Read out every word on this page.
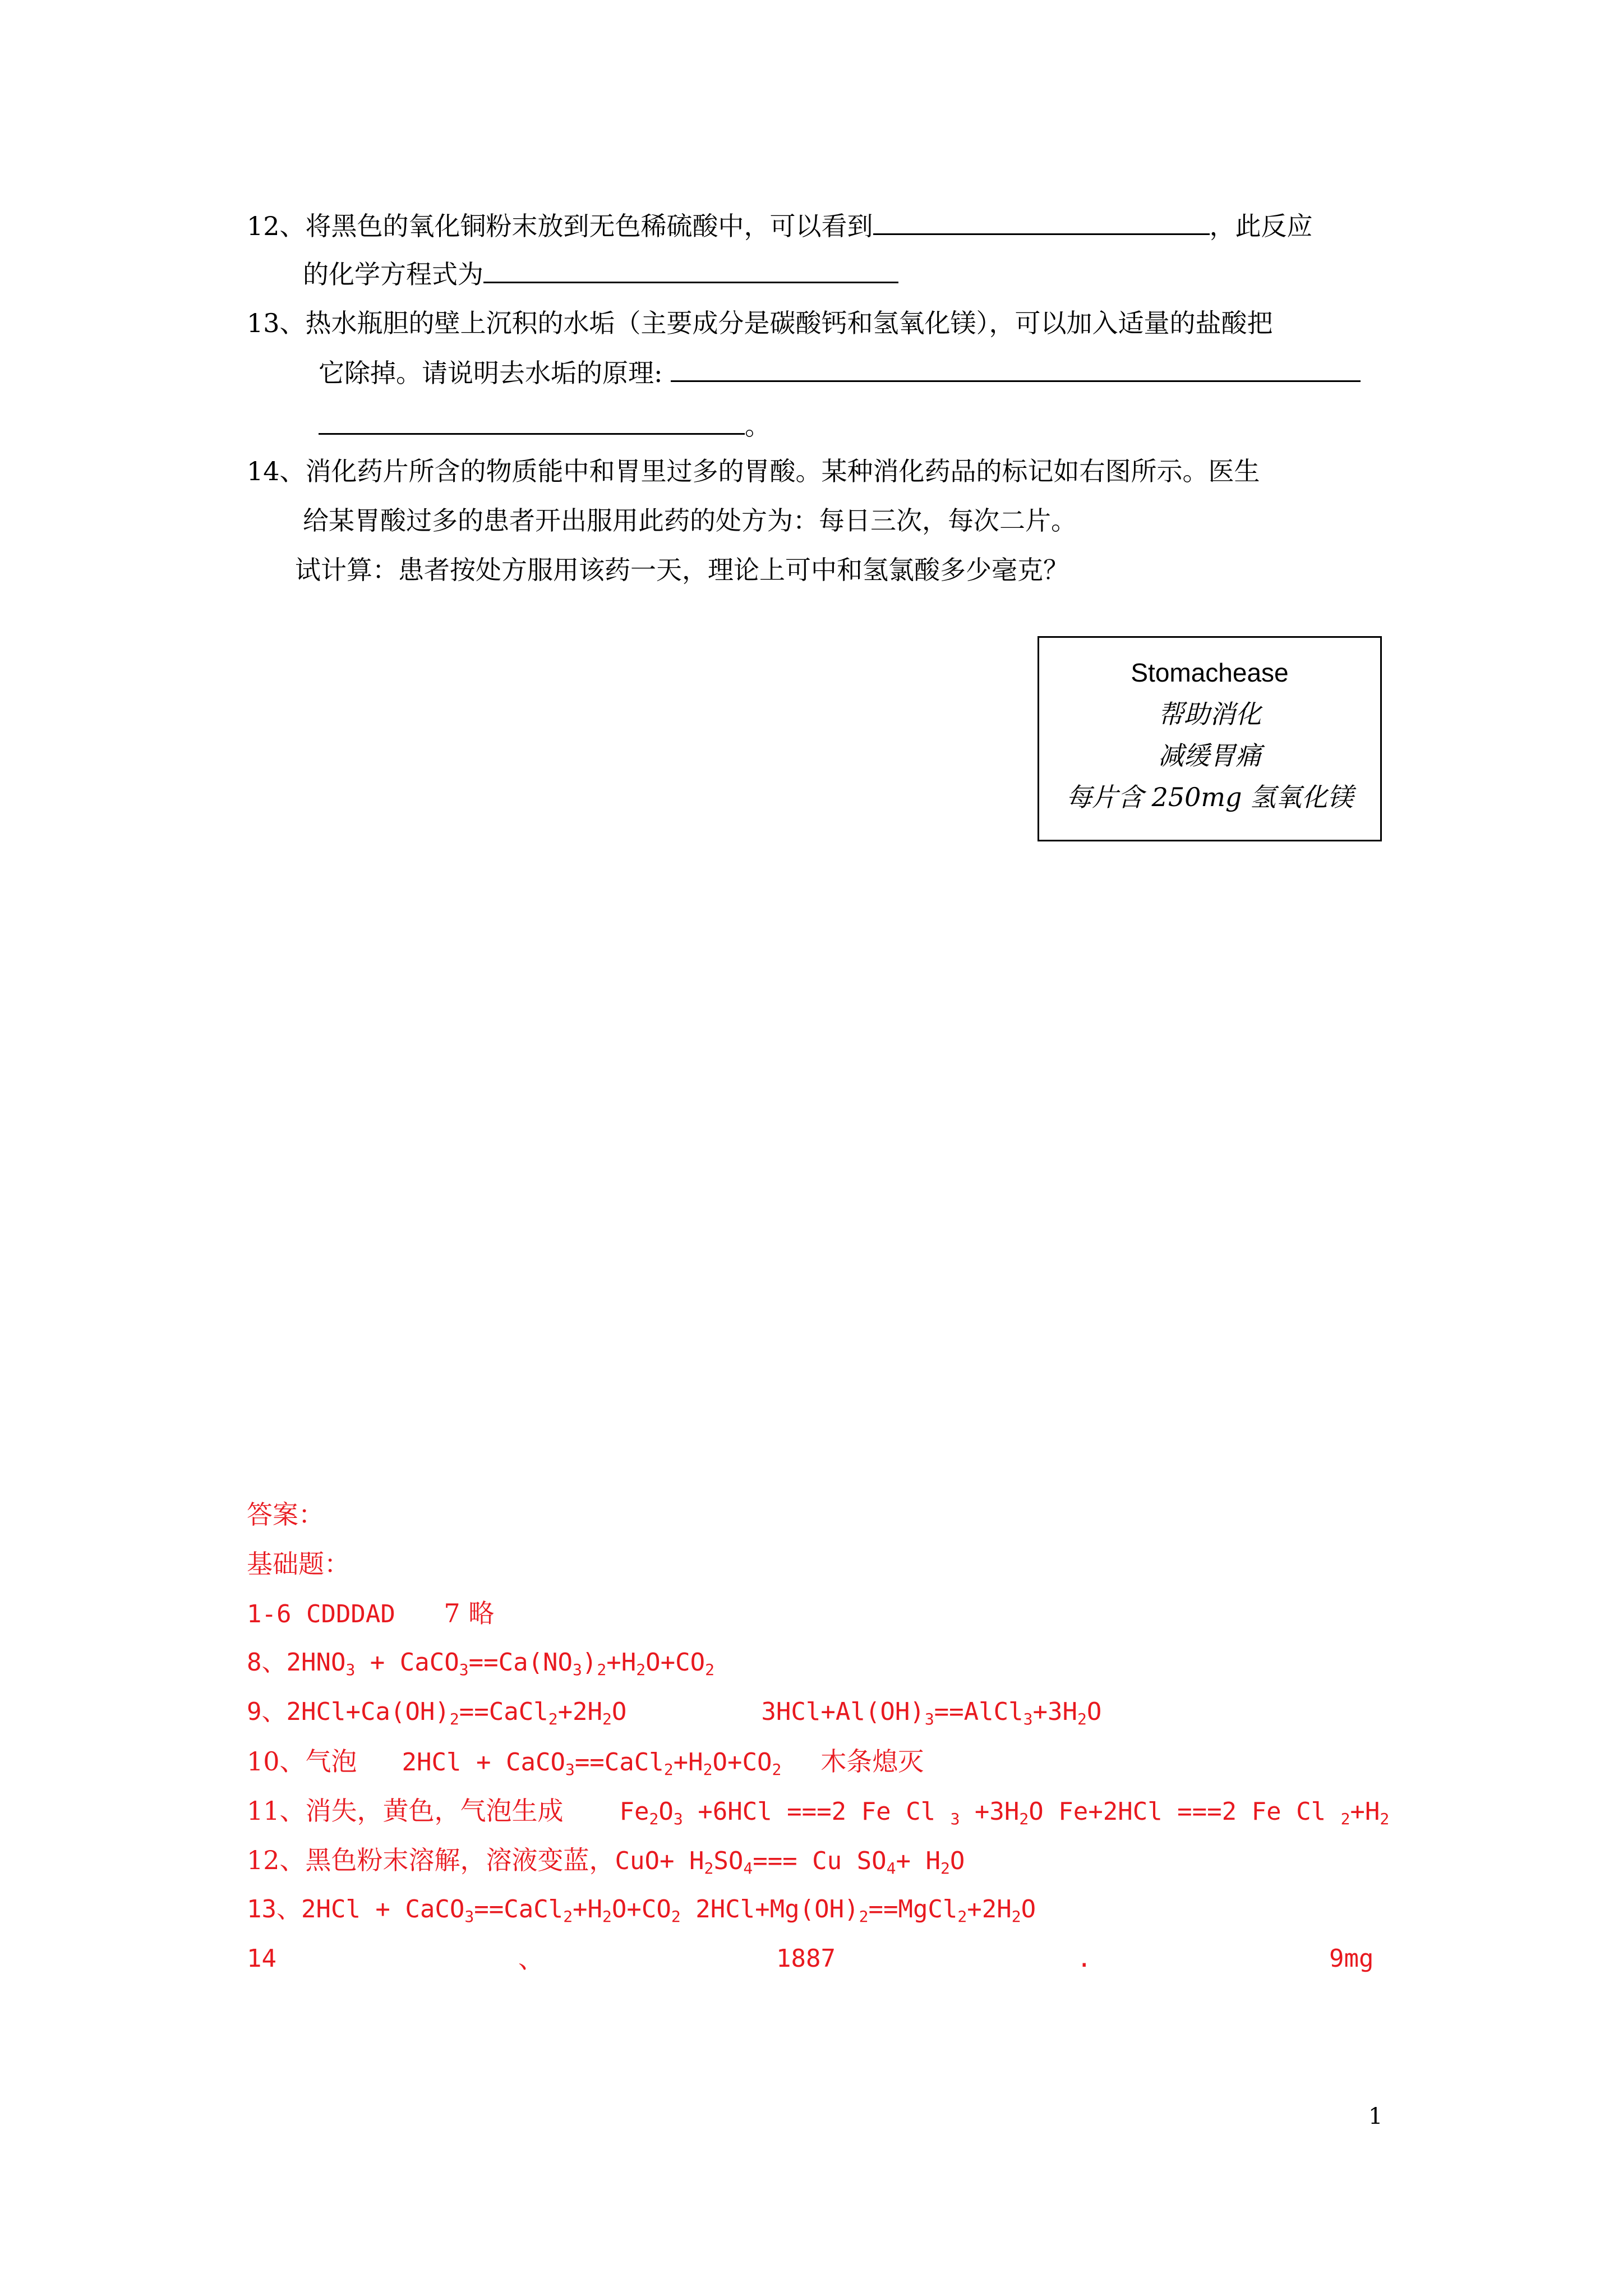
12、将黑色的氧化铜粉末放到无色稀硫酸中，可以看到	，此反应
的化学方程式为
13、热水瓶胆的壁上沉积的水垢（主要成分是碳酸钙和氢氧化镁），可以加入适量的盐酸把
它除掉。请说明去水垢的原理:
。
14、消化药片所含的物质能中和胃里过多的胃酸。某种消化药品的标记如右图所示。医生
给某胃酸过多的患者开出服用此药的处方为：每日三次，每次二片。
试计算：患者按处方服用该药一天，理论上可中和氢氯酸多少毫克？
Stomachease
帮助消化
减缓胃痛
每片含 250mg 氢氧化镁
答案：
基础题：
1-6 CDDDAD 7 略
8、$2HNO_3$ + $CaCO_3==Ca(NO_3)_2+H_2O+CO_2$
9、$2HCl+Ca(OH)_2==CaCl_2+2H_2O$	$3HCl+Al(OH)_3==AlCl_3+3H_2O$
10、气泡 $2HCl + CaCO_3==CaCl_2+H_2O+CO_2$ 木条熄灭
11、消失，黄色，气泡生成 $Fe_2O_3 +6HCl ===2$ Fe Cl $_3 +3H_2O$ Fe+2HCl ===2 Fe Cl $_2+H_2$
12、黑色粉末溶解，溶液变蓝，$CuO+ H_2SO_4=== Cu$ $SO_4+ H_2O$
13、$2HCl + CaCO_3==CaCl_2+H_2O+CO_2$ $2HCl+Mg(OH)_2==MgCl_2+2H_2O$
14	、	1887	.	9mg
1
